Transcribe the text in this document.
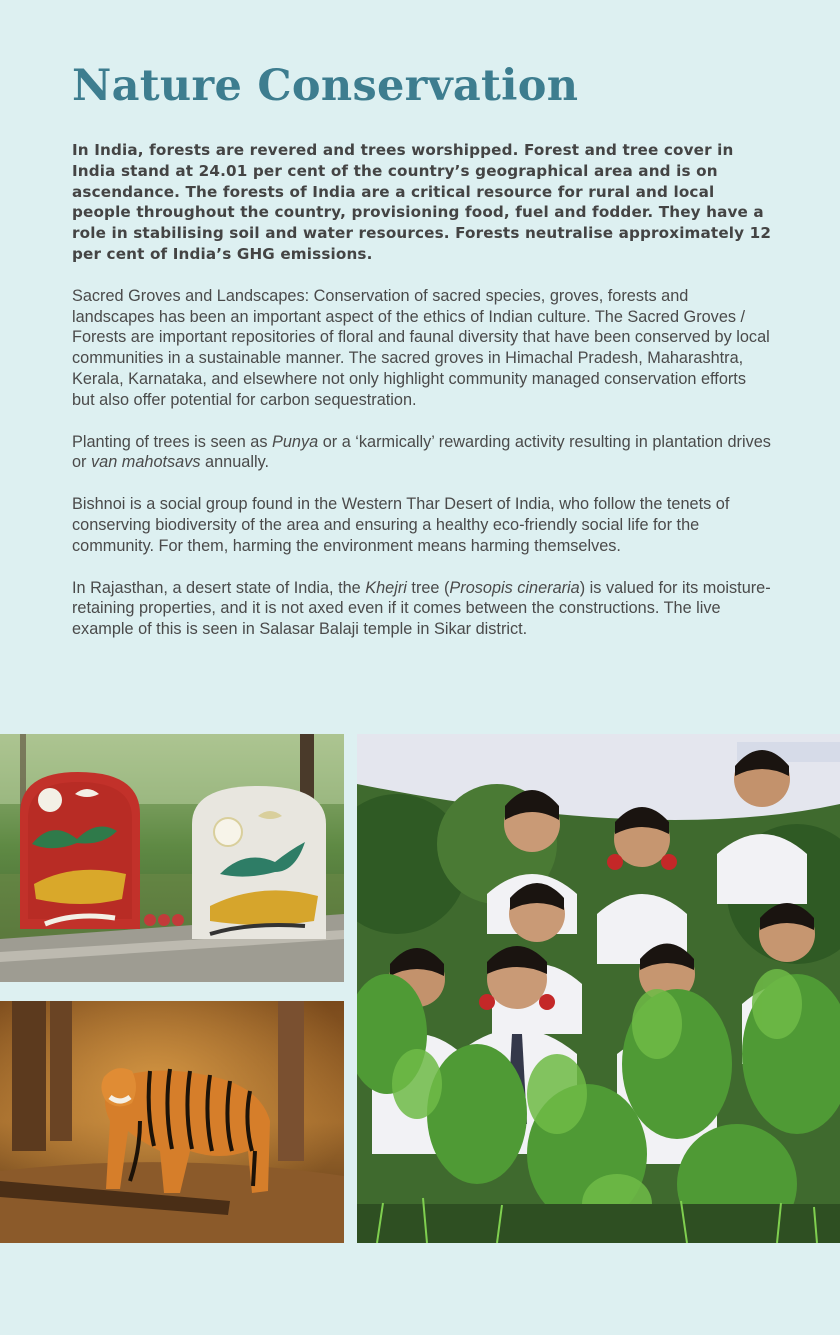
Nature Conservation

In India, forests are revered and trees worshipped. Forest and tree cover in India stand at 24.01 per cent of the country’s geographical area and is on ascendance. The forests of India are a critical resource for rural and local people throughout the country, provisioning food, fuel and fodder. They have a role in stabilising soil and water resources. Forests neutralise approximately 12 per cent of India’s GHG emissions.

Sacred Groves and Landscapes: Conservation of sacred species, groves, forests and landscapes has been an important aspect of the ethics of Indian culture. The Sacred Groves / Forests are important repositories of floral and faunal diversity that have been conserved by local communities in a sustainable manner. The sacred groves in Himachal Pradesh, Maharashtra, Kerala, Karnataka, and elsewhere not only highlight community managed conservation efforts but also offer potential for carbon sequestration.

Planting of trees is seen as Punya or a ‘karmically’ rewarding activity resulting in plantation drives or van mahotsavs annually.

Bishnoi is a social group found in the Western Thar Desert of India, who follow the tenets of conserving biodiversity of the area and ensuring a healthy eco-friendly social life for the community. For them, harming the environment means harming themselves.

In Rajasthan, a desert state of India, the Khejri tree (Prosopis cineraria) is valued for its moisture-retaining properties, and it is not axed even if it comes between the constructions. The live example of this is seen in Salasar Balaji temple in Sikar district.
